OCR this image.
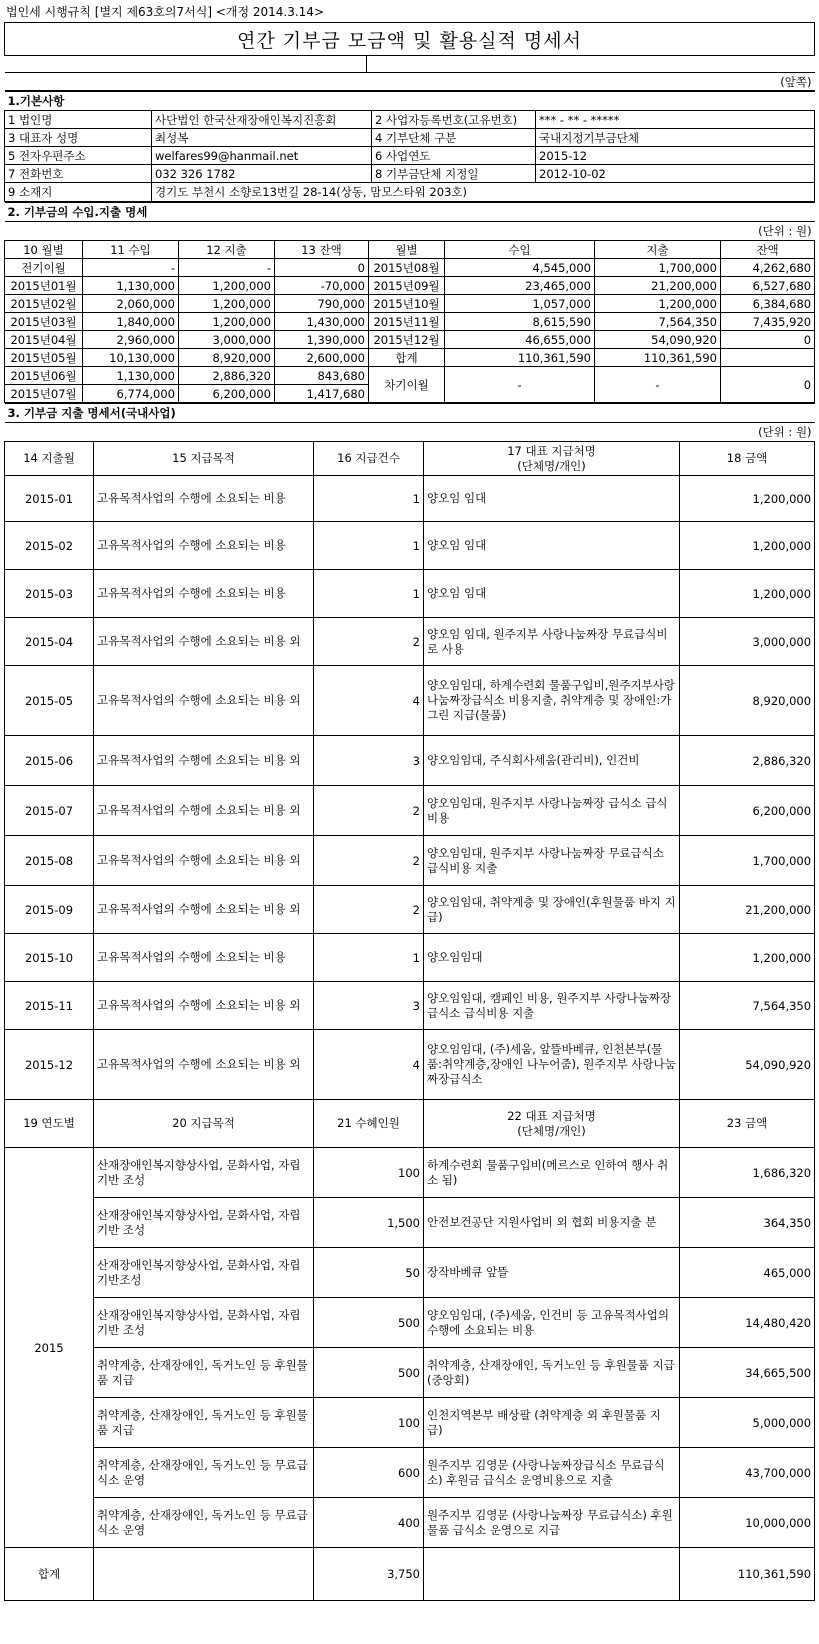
법인세 시행규칙 [별지 제63호의7서식] <개정 2014.3.14>
연간 기부금 모금액 및 활용실적 명세서

(앞쪽)
1.기본사항			
1 법인명	사단법인 한국산재장애인복지진흥회	2 사업자등록번호(고유번호)	*** - ** - *****
3 대표자 성명	최성복	4 기부단체 구분	국내지정기부금단체
5 전자우편주소	welfares99@hanmail.net	6 사업연도	2015-12
7 전화번호	032 326 1782	8 기부금단체 지정일	2012-10-02
9 소재지	경기도 부천시 소향로13번길 28-14(상동, 맘모스타워 203호)		
2. 기부금의 수입.지출 명세							
(단위 : 원)							
10 월별	11 수입	12 지출	13 잔액	월별	수입	지출	잔액
전기이월	-	-	0	2015년08월	4,545,000	1,700,000	4,262,680
2015년01월	1,130,000	1,200,000	-70,000	2015년09월	23,465,000	21,200,000	6,527,680
2015년02월	2,060,000	1,200,000	790,000	2015년10월	1,057,000	1,200,000	6,384,680
2015년03월	1,840,000	1,200,000	1,430,000	2015년11월	8,615,590	7,564,350	7,435,920
2015년04월	2,960,000	3,000,000	1,390,000	2015년12월	46,655,000	54,090,920	0
2015년05월	10,130,000	8,920,000	2,600,000	합계	110,361,590	110,361,590	
2015년06월	1,130,000	2,886,320	843,680	차기이월	-	-	0
2015년07월	6,774,000	6,200,000	1,417,680				
3. 기부금 지출 명세서(국내사업)				
(단위 : 원)				
14 지출월	15 지급목적	16 지급건수	17 대표 지급처명
(단체명/개인)	18 금액
2015-01	고유목적사업의 수행에 소요되는 비용	1	양오임 임대	1,200,000
2015-02	고유목적사업의 수행에 소요되는 비용	1	양오임 임대	1,200,000
2015-03	고유목적사업의 수행에 소요되는 비용	1	양오임 임대	1,200,000
2015-04	고유목적사업의 수행에 소요되는 비용 외	2	양오임 임대, 원주지부 사랑나눔짜장 무료급식비로 사용	3,000,000
2015-05	고유목적사업의 수행에 소요되는 비용 외	4	양오임임대, 하계수련회 물품구입비,원주지부사랑나눔짜장급식소 비용지출, 취약계층 및 장애인:가그린 지급(물품)	8,920,000
2015-06	고유목적사업의 수행에 소요되는 비용 외	3	양오임임대, 주식회사세움(관리비), 인건비	2,886,320
2015-07	고유목적사업의 수행에 소요되는 비용 외	2	양오임임대, 원주지부 사랑나눔짜장 급식소 급식비용	6,200,000
2015-08	고유목적사업의 수행에 소요되는 비용 외	2	양오임임대, 원주지부 사랑나눔짜장 무료급식소 급식비용 지출	1,700,000
2015-09	고유목적사업의 수행에 소요되는 비용 외	2	양오임임대, 취약계층 및 장애인(후원물품 바지 지급)	21,200,000
2015-10	고유목적사업의 수행에 소요되는 비용	1	양오임임대	1,200,000
2015-11	고유목적사업의 수행에 소요되는 비용 외	3	양오임임대, 캠페인 비용, 원주지부 사랑나눔짜장급식소 급식비용 지출	7,564,350
2015-12	고유목적사업의 수행에 소요되는 비용 외	4	양오임임대, (주)세움, 앞뜰바베큐, 인천본부(물품:취약계층,장애인 나누어줌), 원주지부 사랑나눔짜장급식소	54,090,920
19 연도별	20 지급목적	21 수혜인원	22 대표 지급처명
(단체명/개인)	23 금액
2015	산재장애인복지향상사업, 문화사업, 자립기반 조성	100	하계수련회 물품구입비(메르스로 인하여 행사 취소 됨)	1,686,320
	산재장애인복지향상사업, 문화사업, 자립기반 조성	1,500	안전보건공단 지원사업비 외 협회 비용지출 분	364,350
	산재장애인복지향상사업, 문화사업, 자립기반조성	50	장작바베큐 앞뜰	465,000
	산재장애인복지향상사업, 문화사업, 자립기반 조성	500	양오임임대, (주)세움, 인건비 등 고유목적사업의 수행에 소요되는 비용	14,480,420
	취약계층, 산재장애인, 독거노인 등 후원물품 지급	500	취약계층, 산재장애인, 독거노인 등 후원물품 지급 (중앙회)	34,665,500
	취약계층, 산재장애인, 독거노인 등 후원물품 지급	100	인천지역본부 배상팔 (취약계층 외 후원물품 지급)	5,000,000
	취약계층, 산재장애인, 독거노인 등 무료급식소 운영	600	원주지부 김영문 (사랑나눔짜장급식소 무료급식소) 후원금 급식소 운영비용으로 지출	43,700,000
	취약계층, 산재장애인, 독거노인 등 무료급식소 운영	400	원주지부 김영문 (사랑나눔짜장 무료급식소) 후원물품 급식소 운영으로 지급	10,000,000
합계		3,750		110,361,590
